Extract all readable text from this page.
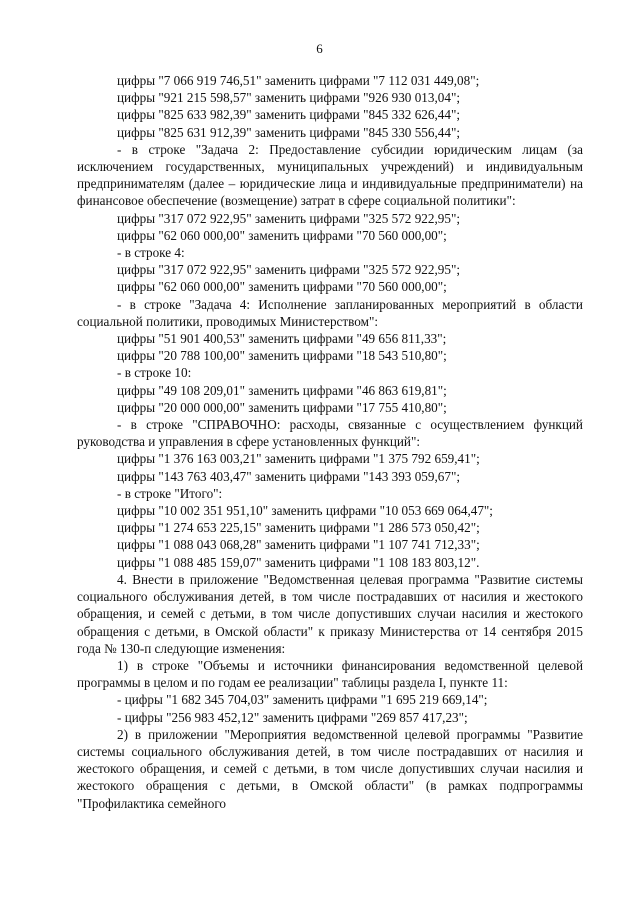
6

цифры "7 066 919 746,51" заменить цифрами "7 112 031 449,08";

цифры "921 215 598,57" заменить цифрами "926 930 013,04";

цифры "825 633 982,39" заменить цифрами "845 332 626,44";

цифры "825 631 912,39" заменить цифрами "845 330 556,44";

- в строке "Задача 2: Предоставление субсидии юридическим лицам (за исключением государственных, муниципальных учреждений) и индивидуальным предпринимателям (далее – юридические лица и индивидуальные предприниматели) на финансовое обеспечение (возмещение) затрат в сфере социальной политики":

цифры "317 072 922,95" заменить цифрами "325 572 922,95";

цифры "62 060 000,00" заменить цифрами "70 560 000,00";

- в строке 4:

цифры "317 072 922,95" заменить цифрами "325 572 922,95";

цифры "62 060 000,00" заменить цифрами "70 560 000,00";

- в строке "Задача 4: Исполнение запланированных мероприятий в области социальной политики, проводимых Министерством":

цифры "51 901 400,53" заменить цифрами "49 656 811,33";

цифры "20 788 100,00" заменить цифрами "18 543 510,80";

- в строке 10:

цифры "49 108 209,01" заменить цифрами "46 863 619,81";

цифры "20 000 000,00" заменить цифрами "17 755 410,80";

- в строке "СПРАВОЧНО: расходы, связанные с осуществлением функций руководства и управления в сфере установленных функций":

цифры "1 376 163 003,21" заменить цифрами "1 375 792 659,41";

цифры "143 763 403,47" заменить цифрами "143 393 059,67";

- в строке "Итого":

цифры "10 002 351 951,10" заменить цифрами "10 053 669 064,47";

цифры "1 274 653 225,15" заменить цифрами "1 286 573 050,42";

цифры "1 088 043 068,28" заменить цифрами "1 107 741 712,33";

цифры "1 088 485 159,07" заменить цифрами "1 108 183 803,12".

4. Внести в приложение "Ведомственная целевая программа "Развитие системы социального обслуживания детей, в том числе пострадавших от насилия и жестокого обращения, и семей с детьми, в том числе допустивших случаи насилия и жестокого обращения с детьми, в Омской области" к приказу Министерства от 14 сентября 2015 года № 130-п следующие изменения:

1) в строке "Объемы и источники финансирования ведомственной целевой программы в целом и по годам ее реализации" таблицы раздела I, пункте 11:

- цифры "1 682 345 704,03" заменить цифрами "1 695 219 669,14";

- цифры "256 983 452,12" заменить цифрами "269 857 417,23";

2) в приложении "Мероприятия ведомственной целевой программы "Развитие системы социального обслуживания детей, в том числе пострадавших от насилия и жестокого обращения, и семей с детьми, в том числе допустивших случаи насилия и жестокого обращения с детьми, в Омской области" (в рамках подпрограммы "Профилактика семейного
